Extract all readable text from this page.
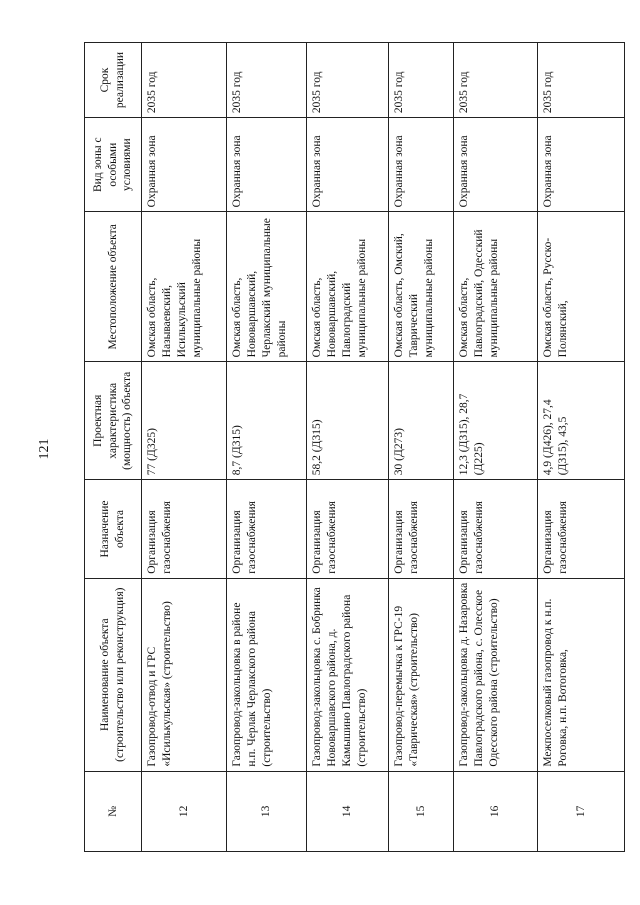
121
№	Наименование объекта (строительство или реконструкция)	Назначение объекта	Проектная характеристика (мощность) объекта	Местоположение объекта	Вид зоны с особыми условиями	Срок реализации
12	Газопровод-отвод и ГРС «Исилькульская» (строительство)	Организация газоснабжения	77 (Д325)	Омская область, Называевский, Исилькульский муниципальные районы	Охранная зона	2035 год
13	Газопровод-закольцовка в районе н.п. Черлак Черлакского района (строительство)	Организация газоснабжения	8,7 (Д315)	Омская область, Нововаршавский, Черлакский муниципальные районы	Охранная зона	2035 год
14	Газопровод-закольцовка с. Бобринка Нововаршавского района, д. Камышино Павлоградского района (строительство)	Организация газоснабжения	58,2 (Д315)	Омская область, Нововаршавский, Павлоградский муниципальные районы	Охранная зона	2035 год
15	Газопровод-перемычка к ГРС-19 «Таврическая» (строительство)	Организация газоснабжения	30 (Д273)	Омская область, Омский, Таврический муниципальные районы	Охранная зона	2035 год
16	Газопровод-закольцовка д. Назаровка Павлоградского района, с. Олесское Одесского района (строительство)	Организация газоснабжения	12,3 (Д315), 28,7 (Д225)	Омская область, Павлоградский, Одесский муниципальные районы	Охранная зона	2035 год
17	Межпоселковый газопровод к н.п. Роговка, н.п. Вотоговка,	Организация газоснабжения	4,9 (Д426), 27,4 (Д315), 43,5	Омская область, Русско-Полянский,	Охранная зона	2035 год
